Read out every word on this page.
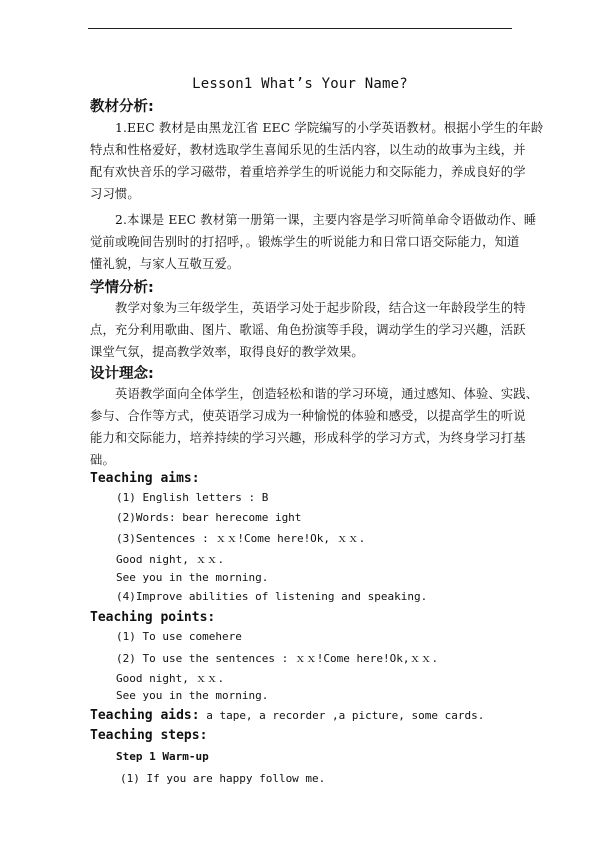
Lesson1 What’s Your Name?
教材分析:
1.EEC 教材是由黑龙江省 EEC 学院编写的小学英语教材。根据小学生的年龄
特点和性格爱好，教材选取学生喜闻乐见的生活内容，以生动的故事为主线，并
配有欢快音乐的学习磁带，着重培养学生的听说能力和交际能力，养成良好的学
习习惯。
2.本课是 EEC 教材第一册第一课，主要内容是学习听简单命令语做动作、睡
觉前或晚间告别时的打招呼，。锻炼学生的听说能力和日常口语交际能力，知道
懂礼貌，与家人互敬互爱。
学情分析:
教学对象为三年级学生，英语学习处于起步阶段，结合这一年龄段学生的特
点，充分利用歌曲、图片、歌谣、角色扮演等手段，调动学生的学习兴趣，活跃
课堂气氛，提高教学效率，取得良好的教学效果。
设计理念:
英语教学面向全体学生，创造轻松和谐的学习环境，通过感知、体验、实践、
参与、合作等方式，使英语学习成为一种愉悦的体验和感受，以提高学生的听说
能力和交际能力，培养持续的学习兴趣，形成科学的学习方式，为终身学习打基
础。
Teaching aims:
(1) English letters : B
(2)Words: bear herecome ight
(3)Sentences : ｘｘ!Come here!Ok, ｘｘ.
Good night, ｘｘ.
See you in the morning.
(4)Improve abilities of listening and speaking.
Teaching points:
(1) To use comehere
(2) To use the sentences : ｘｘ!Come here!Ok,ｘｘ.
Good night, ｘｘ.
See you in the morning.
Teaching aids: a tape, a recorder ,a picture, some cards.
Teaching steps:
Step 1 Warm-up
(1) If you are happy follow me.
